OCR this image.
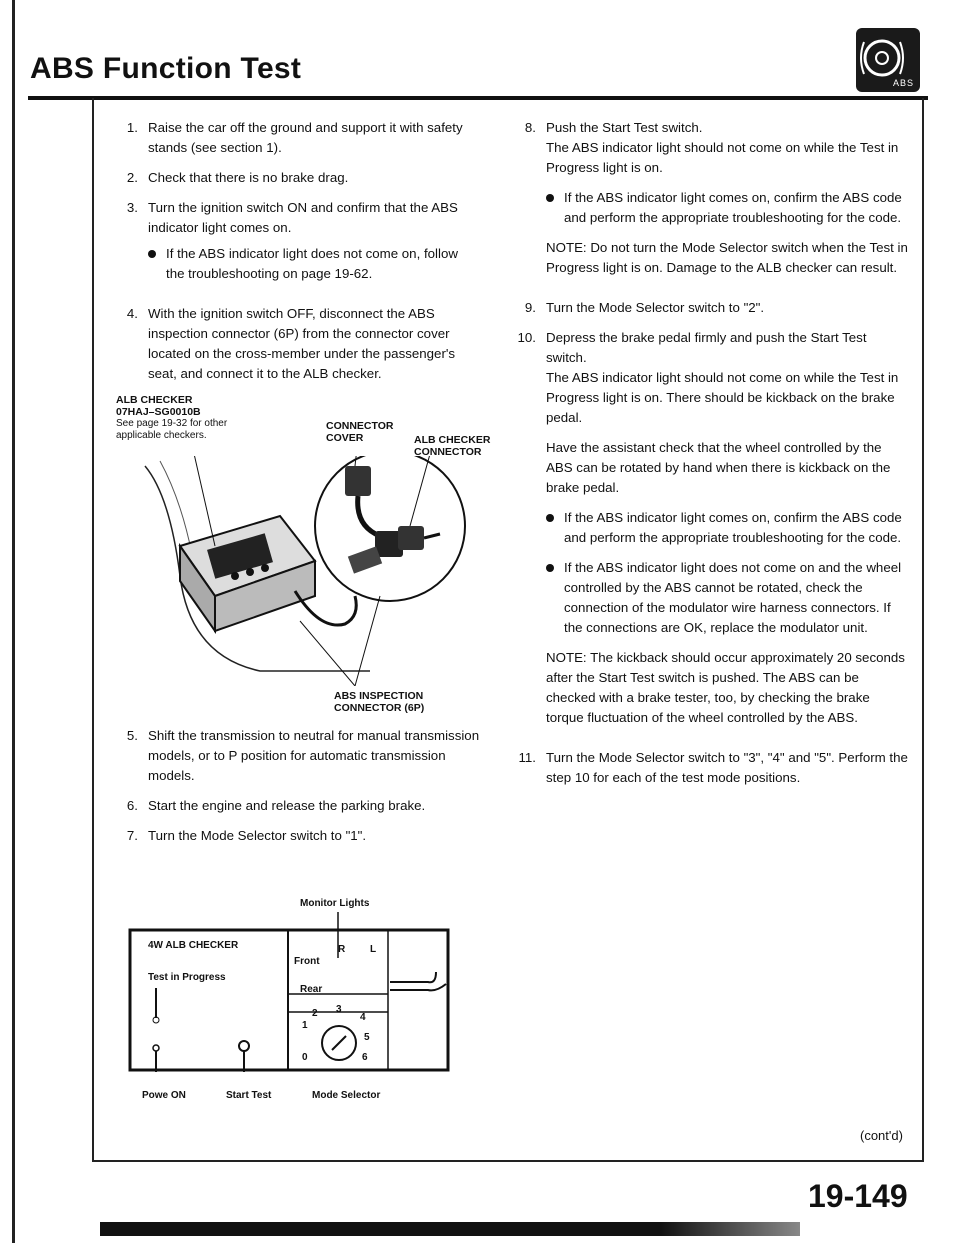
ABS Function Test	ABS
1. Raise the car off the ground and support it with safety stands (see section 1).
2. Check that there is no brake drag.
3. Turn the ignition switch ON and confirm that the ABS indicator light comes on.
If the ABS indicator light does not come on, follow the troubleshooting on page 19-62.
4. With the ignition switch OFF, disconnect the ABS inspection connector (6P) from the connector cover located on the cross-member under the passenger's seat, and connect it to the ALB checker.
ALB CHECKER
07HAJ–SG0010B
See page 19-32 for other applicable checkers.
CONNECTOR COVER	ALB CHECKER CONNECTOR
ABS INSPECTION CONNECTOR (6P)
5. Shift the transmission to neutral for manual transmission models, or to P position for automatic transmission models.
6. Start the engine and release the parking brake.
7. Turn the Mode Selector switch to "1".
Monitor Lights
4W ALB CHECKER
Test in Progress
R L
Front
Rear
1
2 3
4
5
6
0
Powe ON	Start Test	Mode Selector
8. Push the Start Test switch.

The ABS indicator light should not come on while the Test in Progress light is on.

If the ABS indicator light comes on, confirm the ABS code and perform the appropriate troubleshooting for the code.

NOTE: Do not turn the Mode Selector switch when the Test in Progress light is on. Damage to the ALB checker can result.

9. Turn the Mode Selector switch to "2".
10. Depress the brake pedal firmly and push the Start Test switch.

The ABS indicator light should not come on while the Test in Progress light is on. There should be kickback on the brake pedal.

Have the assistant check that the wheel controlled by the ABS can be rotated by hand when there is kickback on the brake pedal.

If the ABS indicator light comes on, confirm the ABS code and perform the appropriate troubleshooting for the code.
If the ABS indicator light does not come on and the wheel controlled by the ABS cannot be rotated, check the connection of the modulator wire harness connectors. If the connections are OK, replace the modulator unit.

NOTE: The kickback should occur approximately 20 seconds after the Start Test switch is pushed. The ABS can be checked with a brake tester, too, by checking the brake torque fluctuation of the wheel controlled by the ABS.

11. Turn the Mode Selector switch to "3", "4" and "5". Perform the step 10 for each of the test mode positions.
(cont'd)
19-149
